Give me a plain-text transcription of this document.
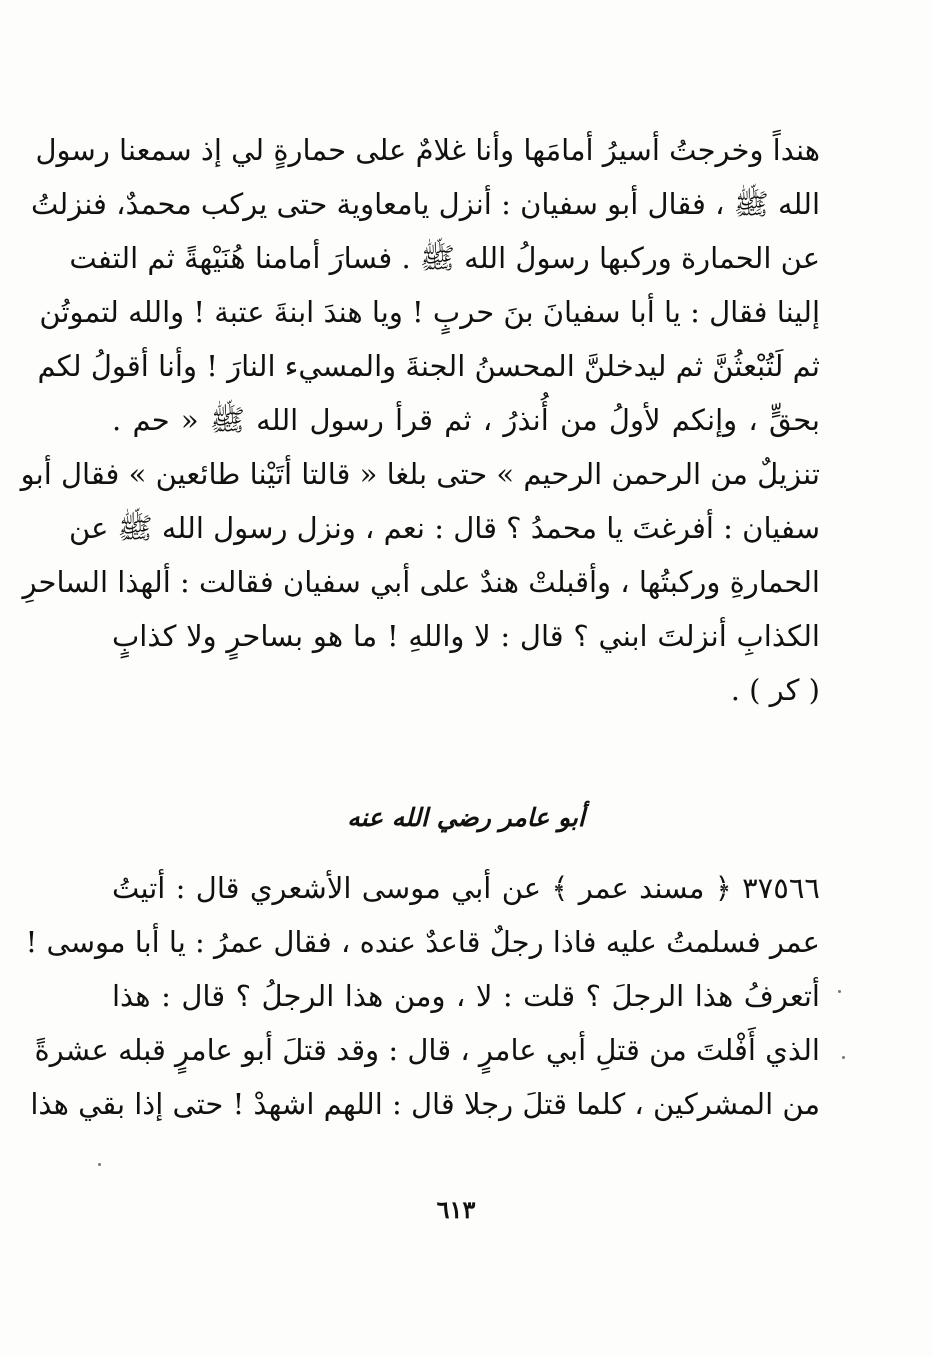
هنداً وخرجتُ أسيرُ أمامَها وأنا غلامٌ على حمارةٍ لي إذ سمعنا رسول
الله ﷺ ، فقال أبو سفيان : أنزل يامعاوية حتى يركب محمدٌ، فنزلتُ
عن الحمارة وركبها رسولُ الله ﷺ . فسارَ أمامنا هُنَيْهةً ثم التفت
إلينا فقال : يا أبا سفيانَ بنَ حربٍ ! ويا هندَ ابنةَ عتبة ! والله لتموتُن
ثم لَتُبْعثُنَّ ثم ليدخلنَّ المحسنُ الجنةَ والمسيء النارَ ! وأنا أقولُ لكم
بحقٍّ ، وإنكم لأولُ من أُنذرُ ، ثم قرأ رسول الله ﷺ « حم .
تنزيلٌ من الرحمن الرحيم » حتى بلغا « قالتا أتَيْنا طائعين » فقال أبو
سفيان : أفرغتَ يا محمدُ ؟ قال : نعم ، ونزل رسول الله ﷺ عن
الحمارةِ وركبتُها ، وأقبلتْ هندٌ على أبي سفيان فقالت : ألهذا الساحرِ
الكذابِ أنزلتَ ابني ؟ قال : لا واللهِ ! ما هو بساحرٍ ولا كذابٍ
( كر ) .
أبو عامر رضي الله عنه
٣٧٥٦٦ ﴿ مسند عمر ﴾ عن أبي موسى الأشعري قال : أتيتُ
عمر فسلمتُ عليه فاذا رجلٌ قاعدٌ عنده ، فقال عمرُ : يا أبا موسى !
أتعرفُ هذا الرجلَ ؟ قلت : لا ، ومن هذا الرجلُ ؟ قال : هذا
الذي أَفْلتَ من قتلِ أبي عامرٍ ، قال : وقد قتلَ أبو عامرٍ قبله عشرةً
من المشركين ، كلما قتلَ رجلا قال : اللهم اشهدْ ! حتى إذا بقي هذا
٦١٣
